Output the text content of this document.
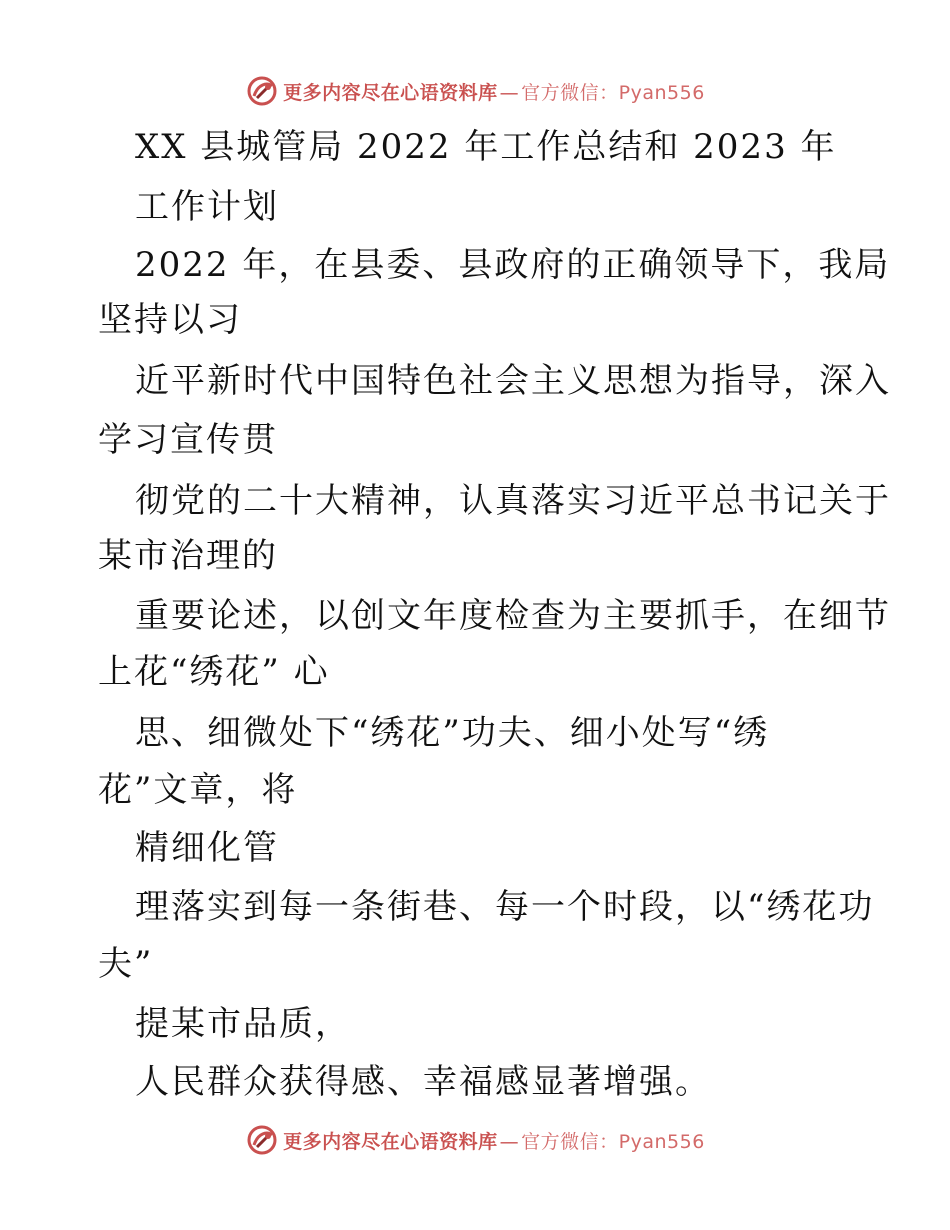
更多内容尽在心语资料库 — 官方微信：Pyan556
XX 县城管局 2022 年工作总结和 2023 年
工作计划
2022 年，在县委、县政府的正确领导下，我局
坚持以习
近平新时代中国特色社会主义思想为指导，深入
学习宣传贯
彻党的二十大精神，认真落实习近平总书记关于
某市治理的
重要论述，以创文年度检查为主要抓手，在细节
上花“绣花” 心
思、细微处下“绣花”功夫、细小处写“绣
花”文章，将
精细化管
理落实到每一条街巷、每一个时段，以“绣花功
夫”
提某市品质，
人民群众获得感、幸福感显著增强。
更多内容尽在心语资料库 — 官方微信：Pyan556
